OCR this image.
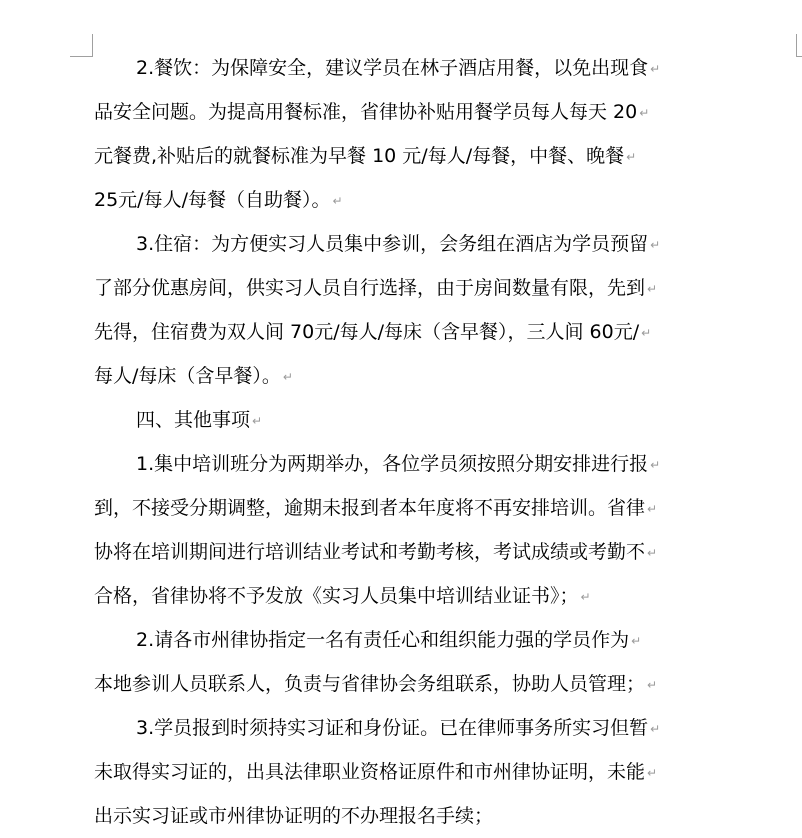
2.餐饮：为保障安全，建议学员在林子酒店用餐，以免出现食 ↵
品安全问题。为提高用餐标准，省律协补贴用餐学员每人每天 20 ↵
元餐费,补贴后的就餐标准为早餐 10 元/每人/每餐，中餐、晚餐 ↵
25元/每人/每餐（自助餐）。 ↵
3.住宿：为方便实习人员集中参训，会务组在酒店为学员预留 ↵
了部分优惠房间，供实习人员自行选择，由于房间数量有限，先到 ↵
先得，住宿费为双人间 70元/每人/每床（含早餐），三人间 60元/ ↵
每人/每床（含早餐）。 ↵
四、其他事项 ↵
1.集中培训班分为两期举办，各位学员须按照分期安排进行报 ↵
到，不接受分期调整，逾期未报到者本年度将不再安排培训。省律 ↵
协将在培训期间进行培训结业考试和考勤考核，考试成绩或考勤不 ↵
合格，省律协将不予发放《实习人员集中培训结业证书》； ↵
2.请各市州律协指定一名有责任心和组织能力强的学员作为 ↵
本地参训人员联系人，负责与省律协会务组联系，协助人员管理； ↵
3.学员报到时须持实习证和身份证。已在律师事务所实习但暂 ↵
未取得实习证的，出具法律职业资格证原件和市州律协证明，未能 ↵
出示实习证或市州律协证明的不办理报名手续；
